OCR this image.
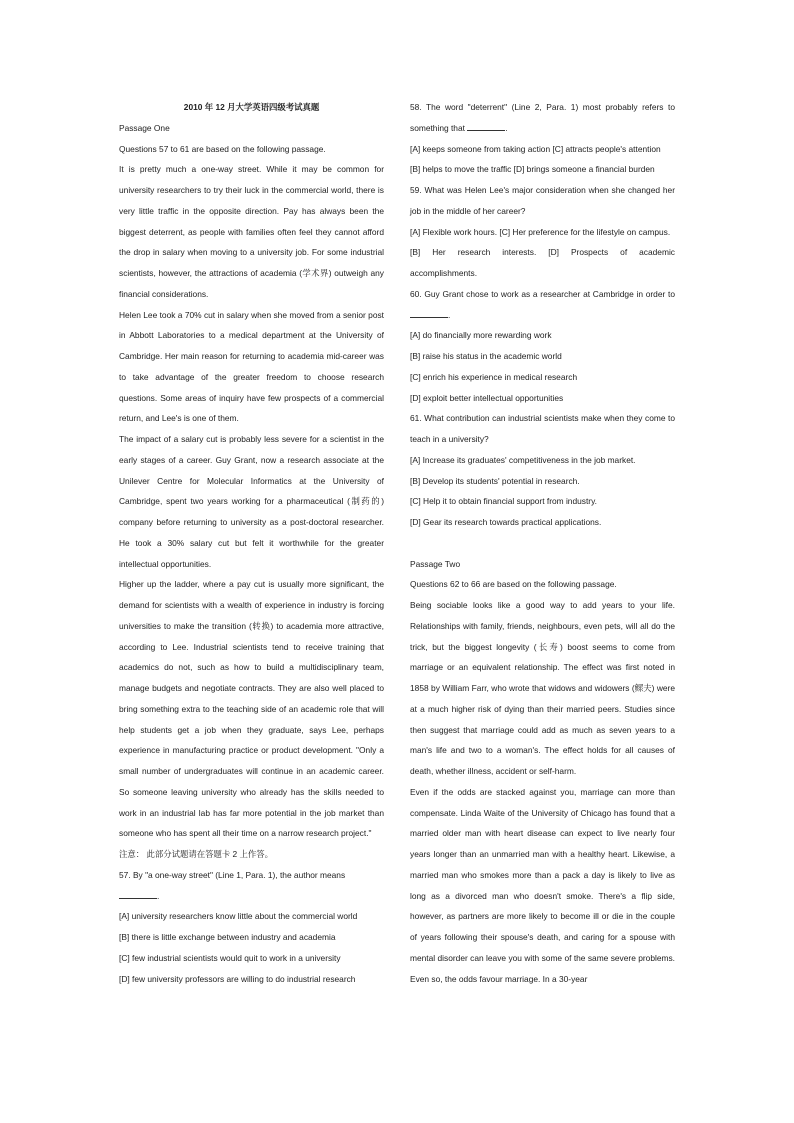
2010 年 12 月大学英语四级考试真题

Passage One

Questions 57 to 61 are based on the following passage.

It is pretty much a one-way street. While it may be common for university researchers to try their luck in the commercial world, there is very little traffic in the opposite direction. Pay has always been the biggest deterrent, as people with families often feel they cannot afford the drop in salary when moving to a university job. For some industrial scientists, however, the attractions of academia (学术界) outweigh any financial considerations.

Helen Lee took a 70% cut in salary when she moved from a senior post in Abbott Laboratories to a medical department at the University of Cambridge. Her main reason for returning to academia mid-career was to take advantage of the greater freedom to choose research questions. Some areas of inquiry have few prospects of a commercial return, and Lee's is one of them.

The impact of a salary cut is probably less severe for a scientist in the early stages of a career. Guy Grant, now a research associate at the Unilever Centre for Molecular Informatics at the University of Cambridge, spent two years working for a pharmaceutical (制药的) company before returning to university as a post-doctoral researcher. He took a 30% salary cut but felt it worthwhile for the greater intellectual opportunities.

Higher up the ladder, where a pay cut is usually more significant, the demand for scientists with a wealth of experience in industry is forcing universities to make the transition (转换) to academia more attractive, according to Lee. Industrial scientists tend to receive training that academics do not, such as how to build a multidisciplinary team, manage budgets and negotiate contracts. They are also well placed to bring something extra to the teaching side of an academic role that will help students get a job when they graduate, says Lee, perhaps experience in manufacturing practice or product development. "Only a small number of undergraduates will continue in an academic career. So someone leaving university who already has the skills needed to work in an industrial lab has far more potential in the job market than someone who has spent all their time on a narrow research project."

注意： 此部分试题请在答题卡 2 上作答。

57. By "a one-way street" (Line 1, Para. 1), the author means

.

[A] university researchers know little about the commercial world

[B] there is little exchange between industry and academia

[C] few industrial scientists would quit to work in a university

[D] few university professors are willing to do industrial research

58. The word "deterrent" (Line 2, Para. 1) most probably refers to something that	.

[A] keeps someone from taking action [C] attracts people's attention

[B] helps to move the traffic [D] brings someone a financial burden

59. What was Helen Lee's major consideration when she changed her job in the middle of her career?

[A] Flexible work hours. [C] Her preference for the lifestyle on campus.

[B] Her research interests. [D] Prospects of academic accomplishments.

60. Guy Grant chose to work as a researcher at Cambridge in order to .

[A] do financially more rewarding work

[B] raise his status in the academic world

[C] enrich his experience in medical research

[D] exploit better intellectual opportunities

61. What contribution can industrial scientists make when they come to teach in a university?

[A] Increase its graduates' competitiveness in the job market.

[B] Develop its students' potential in research.

[C] Help it to obtain financial support from industry.

[D] Gear its research towards practical applications.

Passage Two

Questions 62 to 66 are based on the following passage.

Being sociable looks like a good way to add years to your life. Relationships with family, friends, neighbours, even pets, will all do the trick, but the biggest longevity (长寿) boost seems to come from marriage or an equivalent relationship. The effect was first noted in 1858 by William Farr, who wrote that widows and widowers (鳏夫) were at a much higher risk of dying than their married peers. Studies since then suggest that marriage could add as much as seven years to a man's life and two to a woman's. The effect holds for all causes of death, whether illness, accident or self-harm.

Even if the odds are stacked against you, marriage can more than compensate. Linda Waite of the University of Chicago has found that a married older man with heart disease can expect to live nearly four years longer than an unmarried man with a healthy heart. Likewise, a married man who smokes more than a pack a day is likely to live as long as a divorced man who doesn't smoke. There's a flip side, however, as partners are more likely to become ill or die in the couple of years following their spouse's death, and caring for a spouse with mental disorder can leave you with some of the same severe problems. Even so, the odds favour marriage. In a 30-year
